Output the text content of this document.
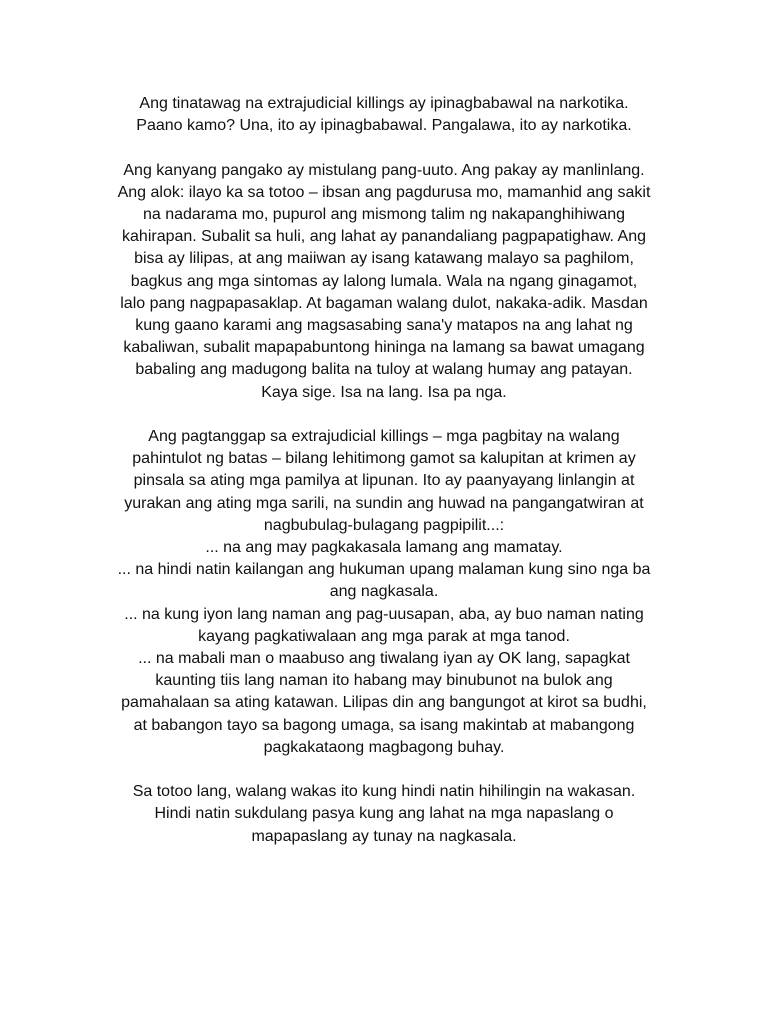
Ang tinatawag na extrajudicial killings ay ipinagbabawal na narkotika.
Paano kamo? Una, ito ay ipinagbabawal. Pangalawa, ito ay narkotika.
Ang kanyang pangako ay mistulang pang-uuto. Ang pakay ay manlinlang.
Ang alok: ilayo ka sa totoo – ibsan ang pagdurusa mo, mamanhid ang sakit
na nadarama mo, pupurol ang mismong talim ng nakapanghihiwang
kahirapan. Subalit sa huli, ang lahat ay panandaliang pagpapatighaw. Ang
bisa ay lilipas, at ang maiiwan ay isang katawang malayo sa paghilom,
bagkus ang mga sintomas ay lalong lumala. Wala na ngang ginagamot,
lalo pang nagpapasaklap. At bagaman walang dulot, nakaka-adik. Masdan
kung gaano karami ang magsasabing sana'y matapos na ang lahat ng
kabaliwan, subalit mapapabuntong hininga na lamang sa bawat umagang
babaling ang madugong balita na tuloy at walang humay ang patayan.
Kaya sige. Isa na lang. Isa pa nga.
Ang pagtanggap sa extrajudicial killings – mga pagbitay na walang
pahintulot ng batas – bilang lehitimong gamot sa kalupitan at krimen ay
pinsala sa ating mga pamilya at lipunan. Ito ay paanyayang linlangin at
yurakan ang ating mga sarili, na sundin ang huwad na pangangatwiran at
nagbubulag-bulagang pagpipilit...:
... na ang may pagkakasala lamang ang mamatay.
... na hindi natin kailangan ang hukuman upang malaman kung sino nga ba
ang nagkasala.
... na kung iyon lang naman ang pag-uusapan, aba, ay buo naman nating
kayang pagkatiwalaan ang mga parak at mga tanod.
... na mabali man o maabuso ang tiwalang iyan ay OK lang, sapagkat
kaunting tiis lang naman ito habang may binubunot na bulok ang
pamahalaan sa ating katawan. Lilipas din ang bangungot at kirot sa budhi,
at babangon tayo sa bagong umaga, sa isang makintab at mabangong
pagkakataong magbagong buhay.
Sa totoo lang, walang wakas ito kung hindi natin hihilingin na wakasan.
Hindi natin sukdulang pasya kung ang lahat na mga napaslang o
mapapaslang ay tunay na nagkasala.
